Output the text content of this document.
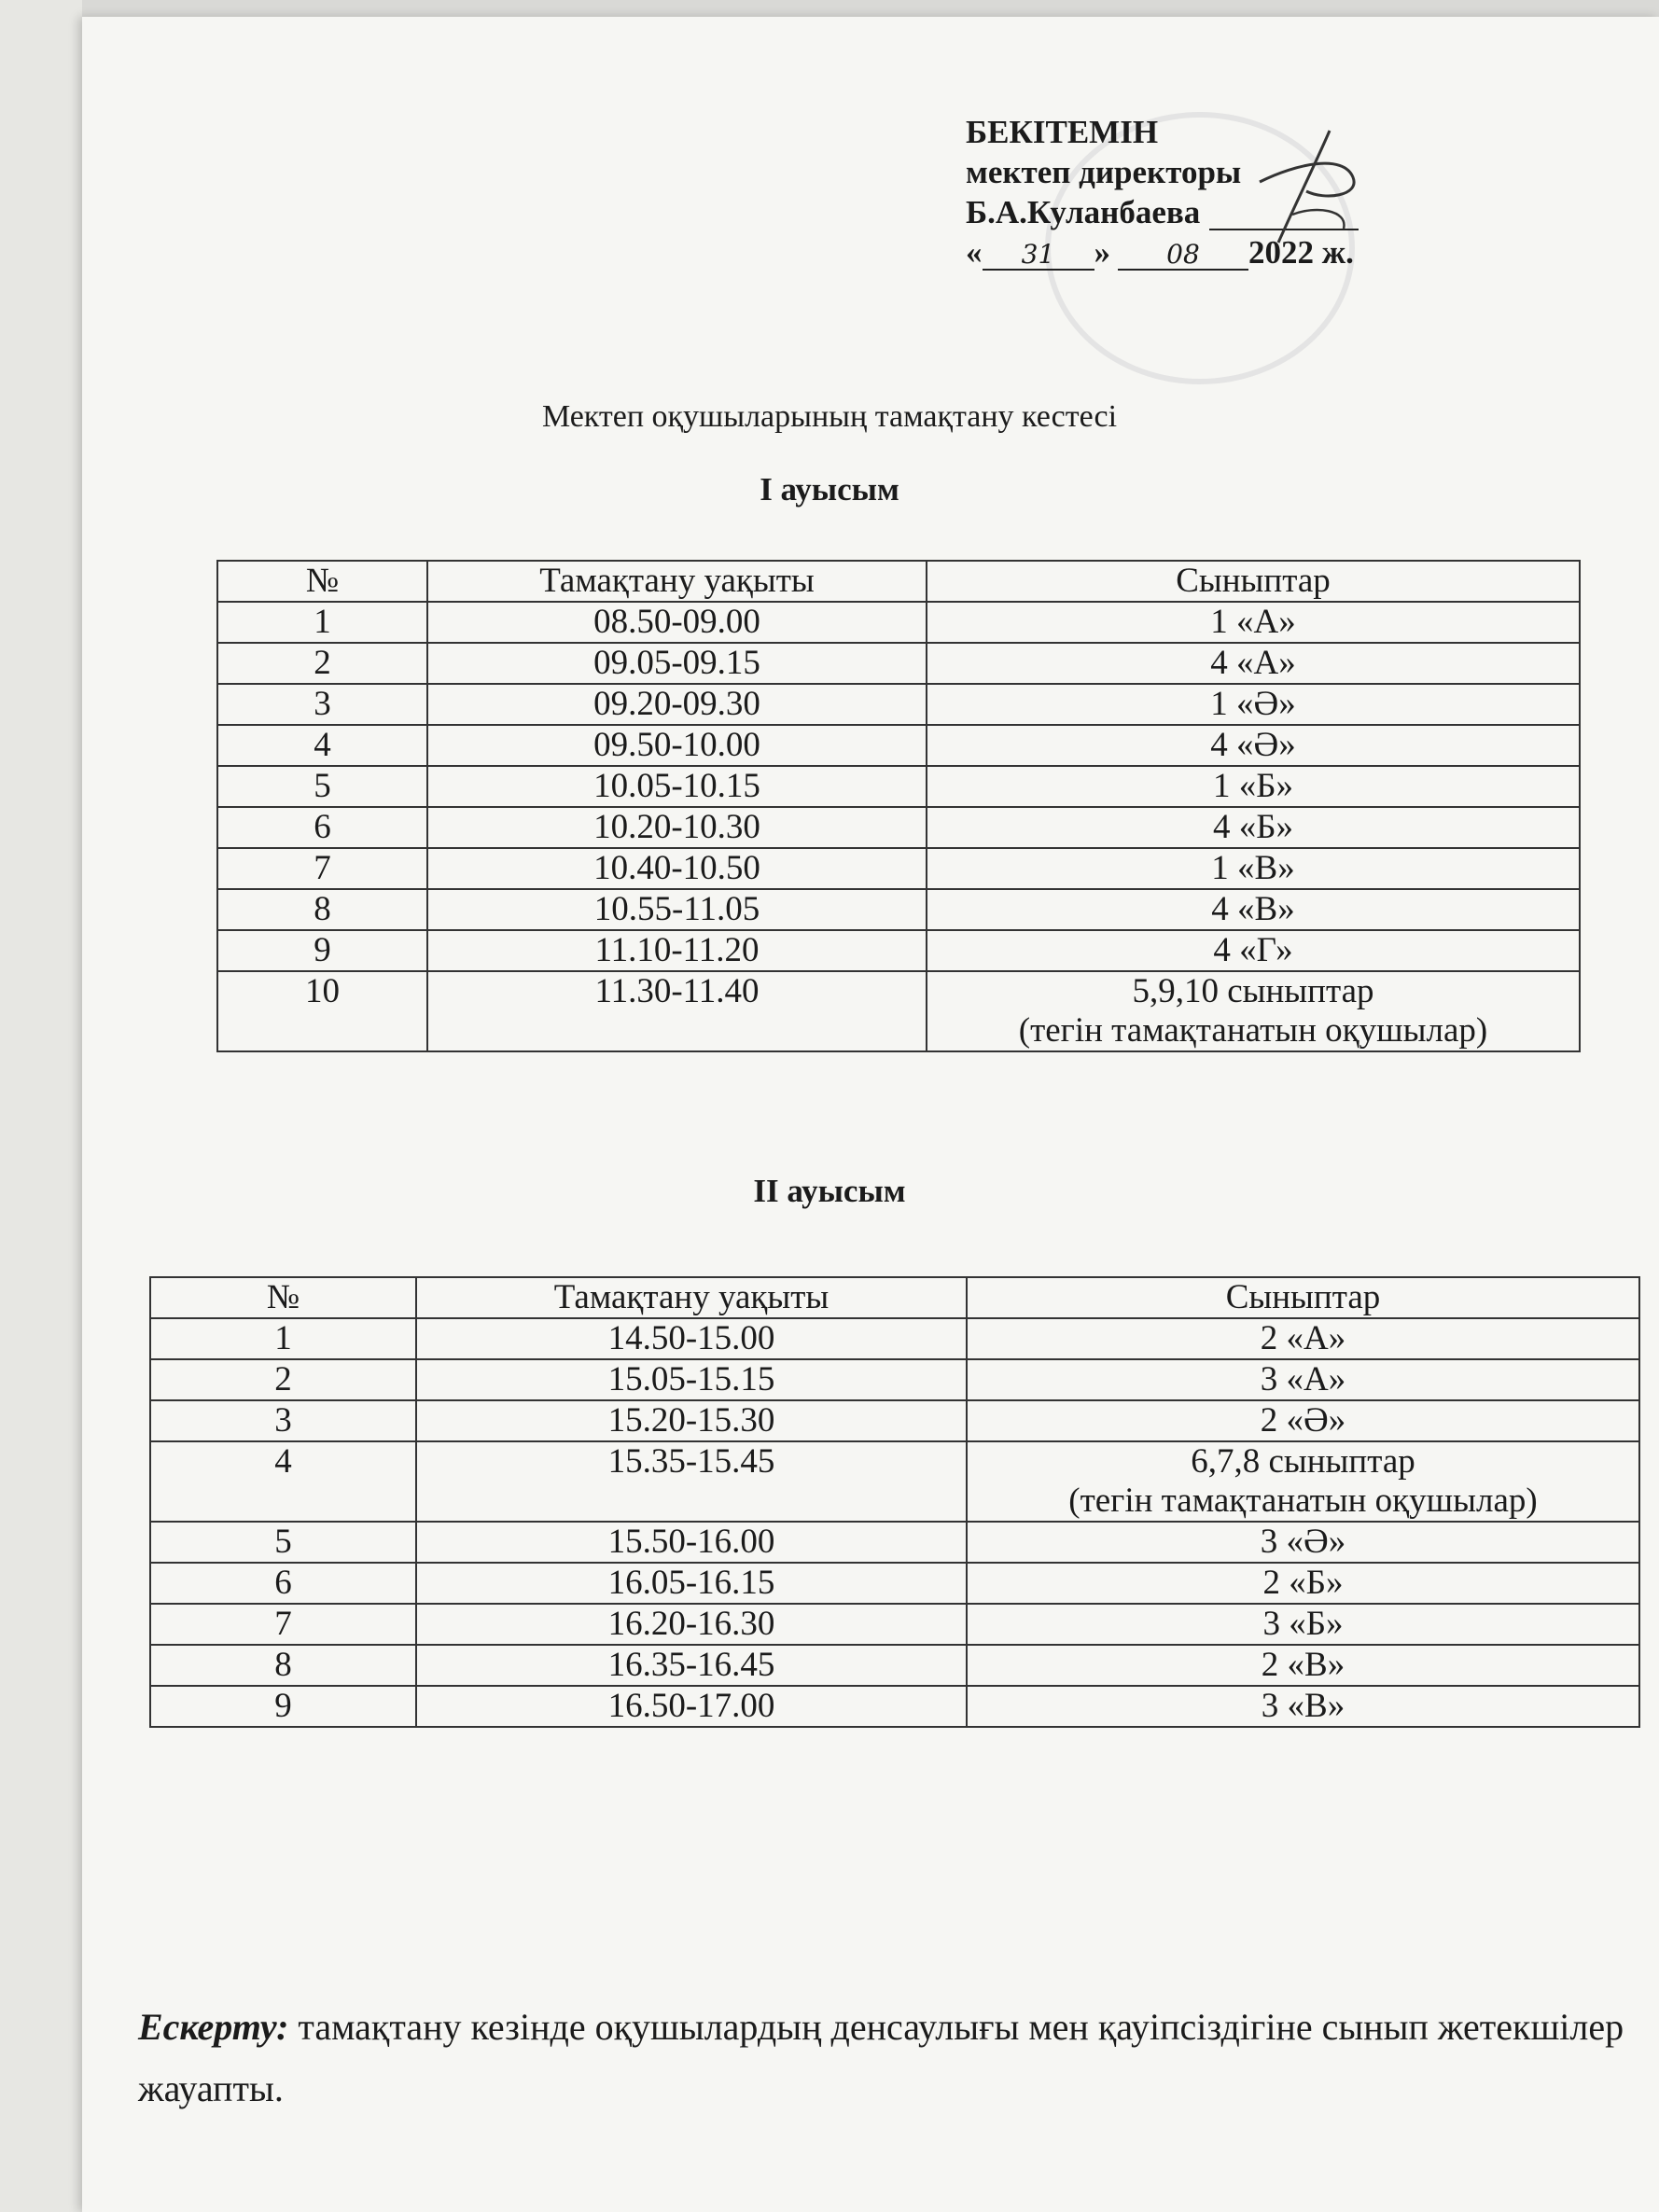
БЕКІТЕМІН
мектеп директоры
Б.А.Куланбаева
« 31 » 08 2022 ж.
Мектеп оқушыларының тамақтану кестесі
I ауысым
№	Тамақтану уақыты	Сыныптар
1	08.50-09.00	1 «А»

2	09.05-09.15	4 «А»

3	09.20-09.30	1 «Ә»

4	09.50-10.00	4 «Ә»

5	10.05-10.15	1 «Б»

6	10.20-10.30	4 «Б»

7	10.40-10.50	1 «В»

8	10.55-11.05	4 «В»

9	11.10-11.20	4 «Г»

10	11.30-11.40	5,9,10 сыныптар
(тегін тамақтанатын оқушылар)
II ауысым
№	Тамақтану уақыты	Сыныптар
1	14.50-15.00	2 «А»

2	15.05-15.15	3 «А»

3	15.20-15.30	2 «Ә»

4	15.35-15.45	6,7,8 сыныптар
(тегін тамақтанатын оқушылар)

5	15.50-16.00	3 «Ә»

6	16.05-16.15	2 «Б»

7	16.20-16.30	3 «Б»

8	16.35-16.45	2 «В»

9	16.50-17.00	3 «В»
Ескерту: тамақтану кезінде оқушылардың денсаулығы мен қауіпсіздігіне сынып жетекшілер жауапты.
